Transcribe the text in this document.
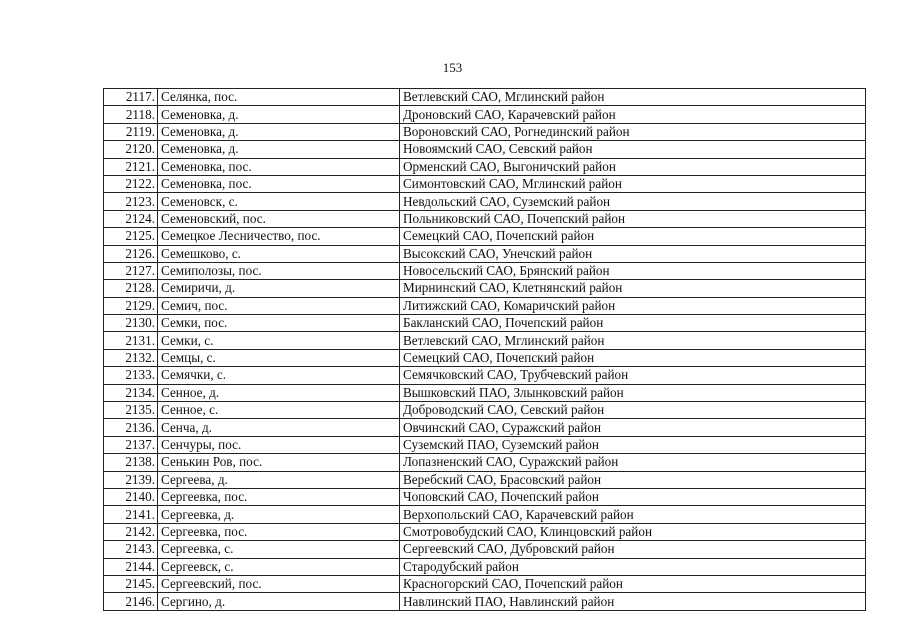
153
2117.	Селянка, пос.	Ветлевский САО, Мглинский район
2118.	Семеновка, д.	Дроновский САО, Карачевский район
2119.	Семеновка, д.	Вороновский САО, Рогнединский район
2120.	Семеновка, д.	Новоямский САО, Севский район
2121.	Семеновка, пос.	Орменский САО, Выгоничский район
2122.	Семеновка, пос.	Симонтовский САО, Мглинский район
2123.	Семеновск, с.	Невдольский САО, Суземский район
2124.	Семеновский, пос.	Польниковский САО, Почепский район
2125.	Семецкое Лесничество, пос.	Семецкий САО, Почепский район
2126.	Семешково, с.	Высокский САО, Унечский район
2127.	Семиполозы, пос.	Новосельский САО, Брянский район
2128.	Семиричи, д.	Мирнинский САО, Клетнянский район
2129.	Семич, пос.	Литижский САО, Комаричский район
2130.	Семки, пос.	Бакланский САО, Почепский район
2131.	Семки, с.	Ветлевский САО, Мглинский район
2132.	Семцы, с.	Семецкий САО, Почепский район
2133.	Семячки, с.	Семячковский САО, Трубчевский район
2134.	Сенное, д.	Вышковский ПАО, Злынковский район
2135.	Сенное, с.	Доброводский САО, Севский район
2136.	Сенча, д.	Овчинский САО, Суражский район
2137.	Сенчуры, пос.	Суземский ПАО, Суземский район
2138.	Сенькин Ров, пос.	Лопазненский САО, Суражский район
2139.	Сергеева, д.	Веребский САО, Брасовский район
2140.	Сергеевка, пос.	Чоповский САО, Почепский район
2141.	Сергеевка, д.	Верхопольский САО, Карачевский район
2142.	Сергеевка, пос.	Смотровобудский САО, Клинцовский район
2143.	Сергеевка, с.	Сергеевский САО, Дубровский район
2144.	Сергеевск, с.	Стародубский район
2145.	Сергеевский, пос.	Красногорский САО, Почепский район
2146.	Сергино, д.	Навлинский ПАО, Навлинский район
